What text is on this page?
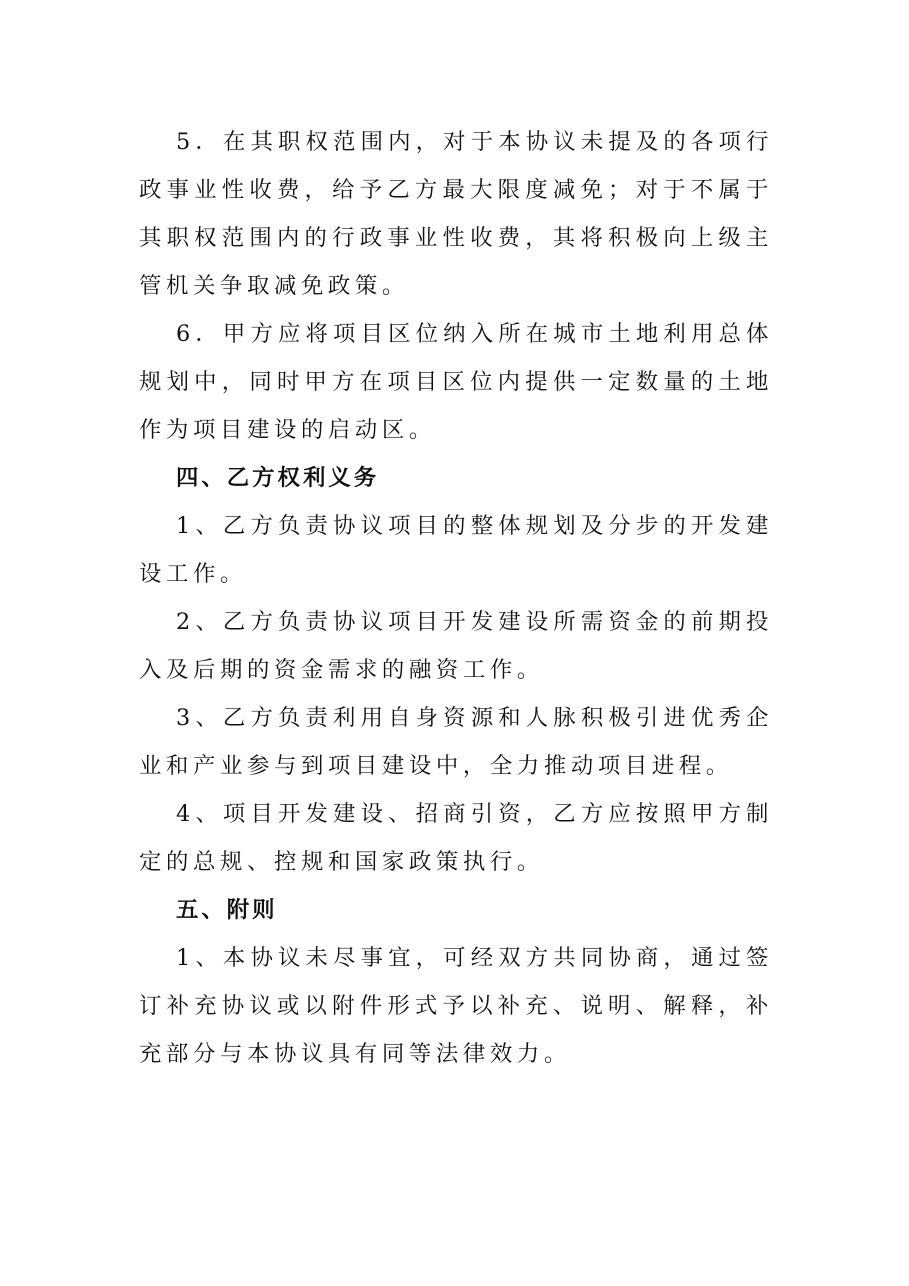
5．在其职权范围内，对于本协议未提及的各项行政事业性收费，给予乙方最大限度减免；对于不属于其职权范围内的行政事业性收费，其将积极向上级主管机关争取减免政策。

6．甲方应将项目区位纳入所在城市土地利用总体规划中，同时甲方在项目区位内提供一定数量的土地作为项目建设的启动区。

四、乙方权利义务

1、乙方负责协议项目的整体规划及分步的开发建设工作。

2、乙方负责协议项目开发建设所需资金的前期投入及后期的资金需求的融资工作。

3、乙方负责利用自身资源和人脉积极引进优秀企业和产业参与到项目建设中，全力推动项目进程。

4、项目开发建设、招商引资，乙方应按照甲方制定的总规、控规和国家政策执行。

五、附则

1、本协议未尽事宜，可经双方共同协商，通过签订补充协议或以附件形式予以补充、说明、解释，补充部分与本协议具有同等法律效力。
